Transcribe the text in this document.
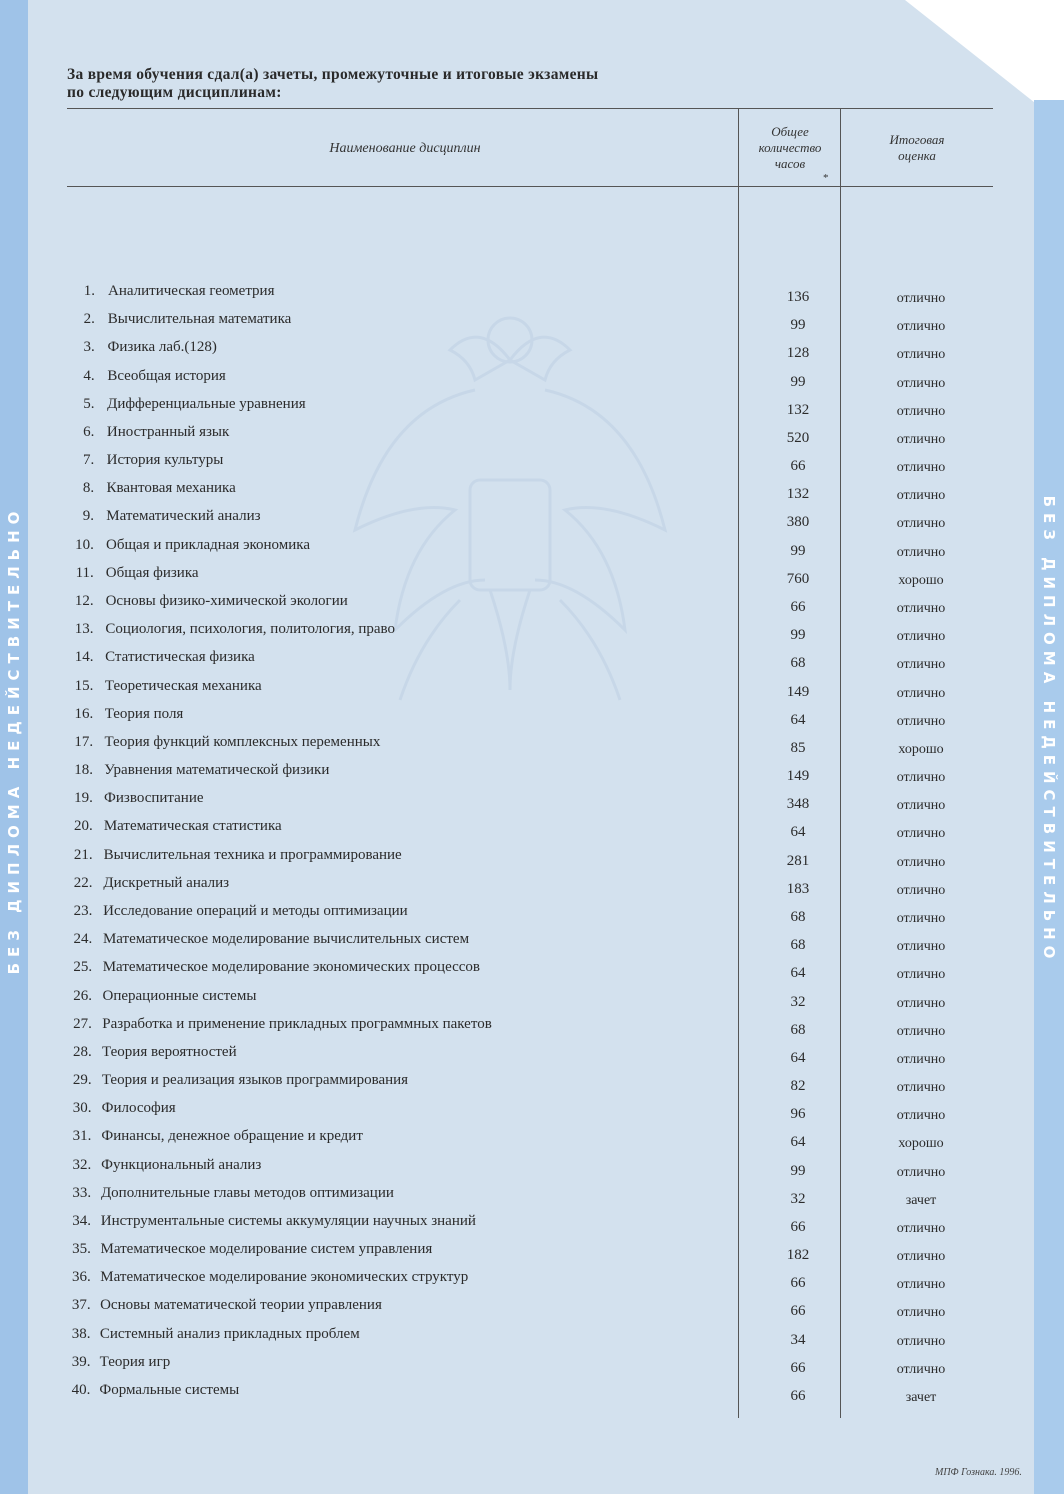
БЕЗ ДИПЛОМА НЕДЕЙСТВИТЕЛЬНО	БЕЗ ДИПЛОМА НЕДЕЙСТВИТЕЛЬНО
За время обучения сдал(а) зачеты, промежуточные и итоговые экзамены
по следующим дисциплинам:
Наименование дисциплин
Общее
количество
часов
*
Итоговая
оценка
1. Аналитическая геометрия	136	отлично
2. Вычислительная математика	99	отлично
3. Физика лаб.(128)	128	отлично
4. Всеобщая история	99	отлично
5. Дифференциальные уравнения	132	отлично
6. Иностранный язык	520	отлично
7. История культуры	66	отлично
8. Квантовая механика	132	отлично
9. Математический анализ	380	отлично
10. Общая и прикладная экономика	99	отлично
11. Общая физика	760	хорошо
12. Основы физико-химической экологии	66	отлично
13. Социология, психология, политология, право	99	отлично
14. Статистическая физика	68	отлично
15. Теоретическая механика	149	отлично
16. Теория поля	64	отлично
17. Теория функций комплексных переменных	85	хорошо
18. Уравнения математической физики	149	отлично
19. Физвоспитание	348	отлично
20. Математическая статистика	64	отлично
21. Вычислительная техника и программирование	281	отлично
22. Дискретный анализ	183	отлично
23. Исследование операций и методы оптимизации	68	отлично
24. Математическое моделирование вычислительных систем	68	отлично
25. Математическое моделирование экономических процессов	64	отлично
26. Операционные системы	32	отлично
27. Разработка и применение прикладных программных пакетов	68	отлично
28. Теория вероятностей	64	отлично
29. Теория и реализация языков программирования	82	отлично
30. Философия	96	отлично
31. Финансы, денежное обращение и кредит	64	хорошо
32. Функциональный анализ	99	отлично
33. Дополнительные главы методов оптимизации	32	зачет
34. Инструментальные системы аккумуляции научных знаний	66	отлично
35. Математическое моделирование систем управления	182	отлично
36. Математическое моделирование экономических структур	66	отлично
37. Основы математической теории управления	66	отлично
38. Системный анализ прикладных проблем	34	отлично
39. Теория игр	66	отлично
40. Формальные системы	66	зачет
МПФ Гознака. 1996.
